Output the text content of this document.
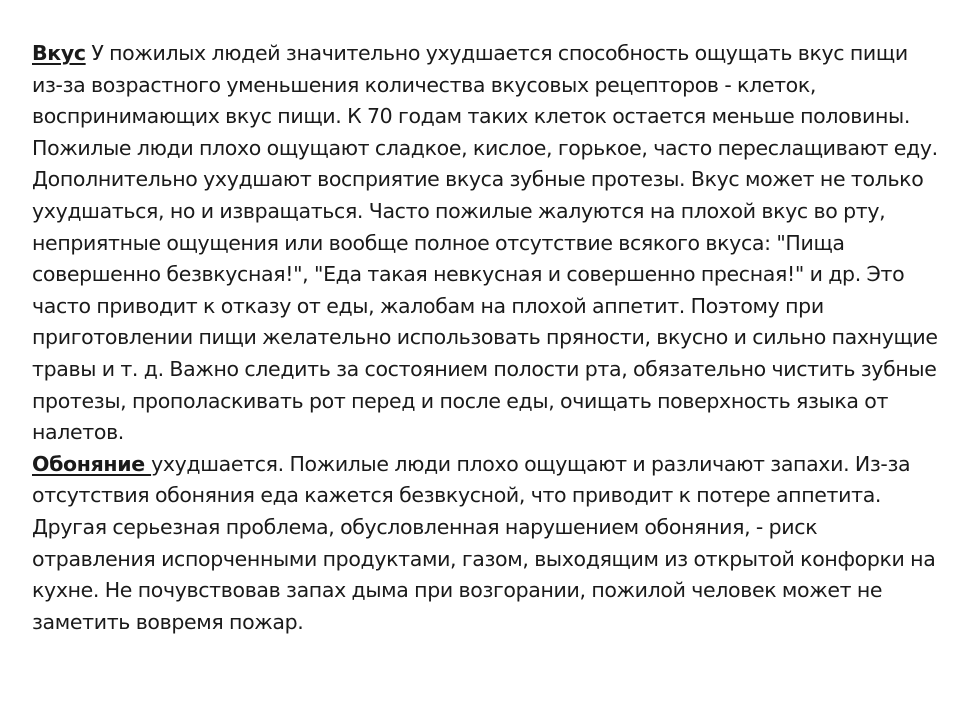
Вкус У пожилых людей значительно ухудшается способность ощущать вкус пищи из-за возрастного уменьшения количества вкусовых рецепторов - клеток, воспринимающих вкус пищи. К 70 годам таких клеток остается меньше половины. Пожилые люди плохо ощущают сладкое, кислое, горькое, часто переслащивают еду. Дополнительно ухудшают восприятие вкуса зубные протезы. Вкус может не только ухудшаться, но и извращаться. Часто пожилые жалуются на плохой вкус во рту, неприятные ощущения или вообще полное отсутствие всякого вкуса: "Пища совершенно безвкусная!", "Еда такая невкусная и совершенно пресная!" и др. Это часто приводит к отказу от еды, жалобам на плохой аппетит. Поэтому при приготовлении пищи желательно использовать пряности, вкусно и сильно пахнущие травы и т. д. Важно следить за состоянием полости рта, обязательно чистить зубные протезы, прополаскивать рот перед и после еды, очищать поверхность языка от налетов.

Обоняние ухудшается. Пожилые люди плохо ощущают и различают запахи. Из-за отсутствия обоняния еда кажется безвкусной, что приводит к потере аппетита. Другая серьезная проблема, обусловленная нарушением обоняния, - риск отравления испорченными продуктами, газом, выходящим из открытой конфорки на кухне. Не почувствовав запах дыма при возгорании, пожилой человек может не заметить вовремя пожар.
